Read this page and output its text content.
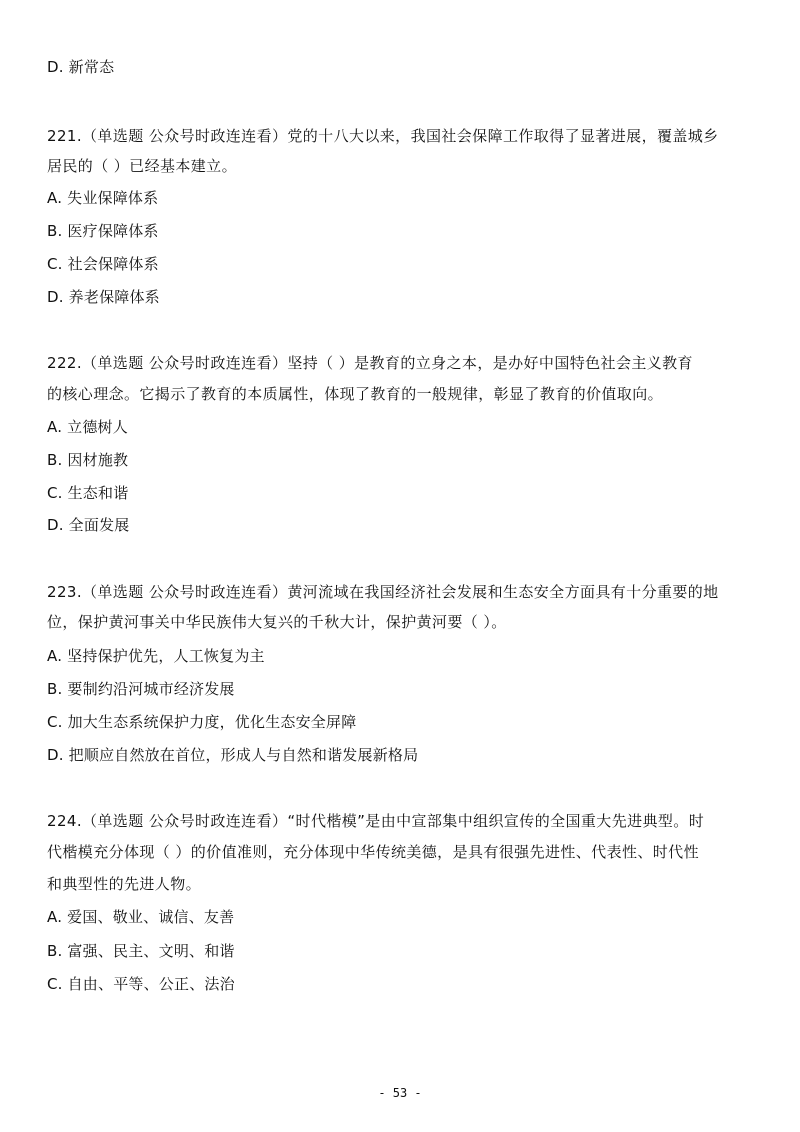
D. 新常态
221.（单选题 公众号时政连连看）党的十八大以来，我国社会保障工作取得了显著进展，覆盖城乡
居民的（ ）已经基本建立。
A. 失业保障体系
B. 医疗保障体系
C. 社会保障体系
D. 养老保障体系
222.（单选题 公众号时政连连看）坚持（ ）是教育的立身之本，是办好中国特色社会主义教育
的核心理念。它揭示了教育的本质属性，体现了教育的一般规律，彰显了教育的价值取向。
A. 立德树人
B. 因材施教
C. 生态和谐
D. 全面发展
223.（单选题 公众号时政连连看）黄河流域在我国经济社会发展和生态安全方面具有十分重要的地
位，保护黄河事关中华民族伟大复兴的千秋大计，保护黄河要（ ）。
A. 坚持保护优先，人工恢复为主
B. 要制约沿河城市经济发展
C. 加大生态系统保护力度，优化生态安全屏障
D. 把顺应自然放在首位，形成人与自然和谐发展新格局
224.（单选题 公众号时政连连看）“时代楷模”是由中宣部集中组织宣传的全国重大先进典型。时
代楷模充分体现（ ）的价值准则，充分体现中华传统美德，是具有很强先进性、代表性、时代性
和典型性的先进人物。
A. 爱国、敬业、诚信、友善
B. 富强、民主、文明、和谐
C. 自由、平等、公正、法治
- 53 -
